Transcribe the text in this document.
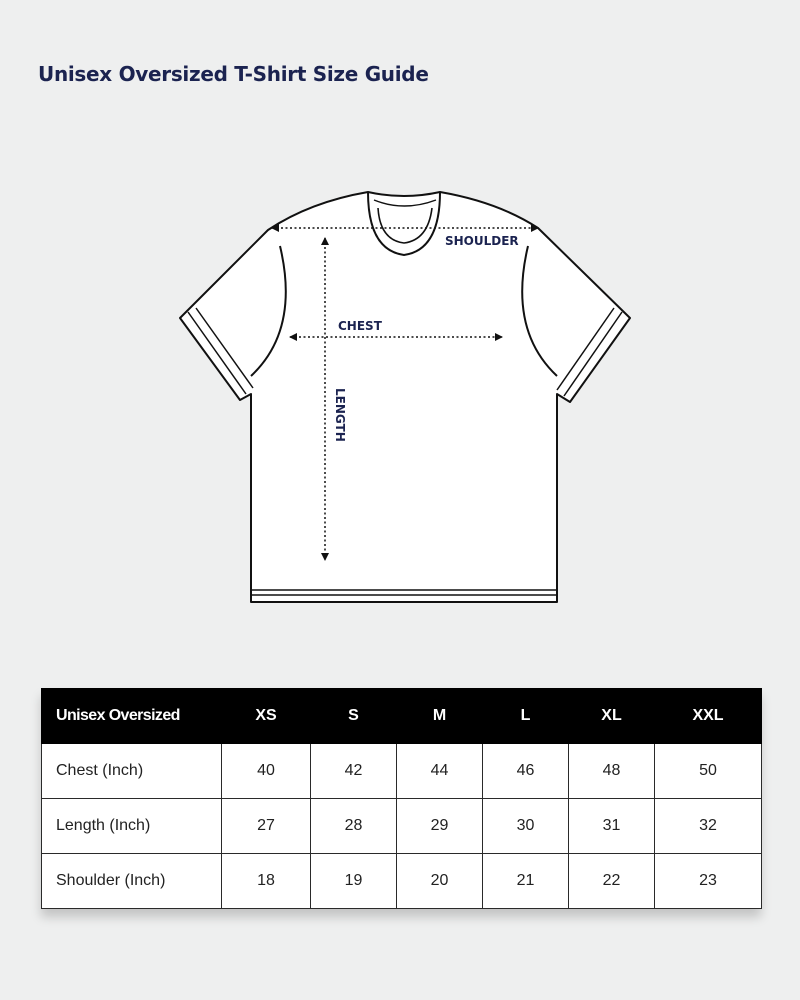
Unisex Oversized T-Shirt Size Guide
SHOULDER
CHEST
LENGTH
Unisex Oversized	XS	S	M	L	XL	XXL
Chest (Inch)	40	42	44	46	48	50
Length (Inch)	27	28	29	30	31	32
Shoulder (Inch)	18	19	20	21	22	23
